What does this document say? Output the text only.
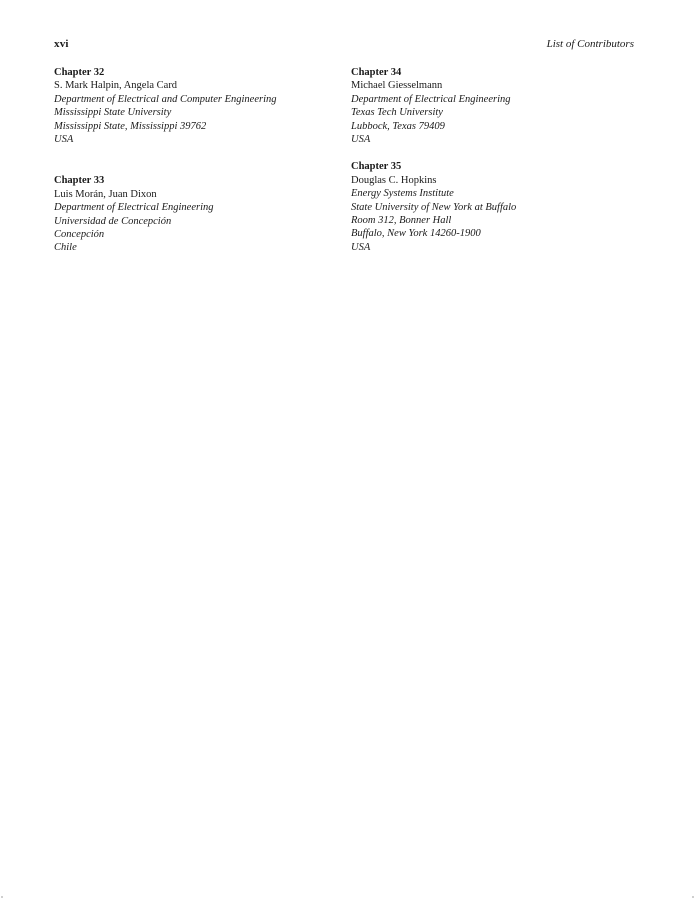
xvi	List of Contributors
Chapter 32
S. Mark Halpin, Angela Card
Department of Electrical and Computer Engineering
Mississippi State University
Mississippi State, Mississippi 39762
USA
Chapter 33
Luis Morán, Juan Dixon
Department of Electrical Engineering
Universidad de Concepción
Concepción
Chile
Chapter 34
Michael Giesselmann
Department of Electrical Engineering
Texas Tech University
Lubbock, Texas 79409
USA
Chapter 35
Douglas C. Hopkins
Energy Systems Institute
State University of New York at Buffalo
Room 312, Bonner Hall
Buffalo, New York 14260-1900
USA
